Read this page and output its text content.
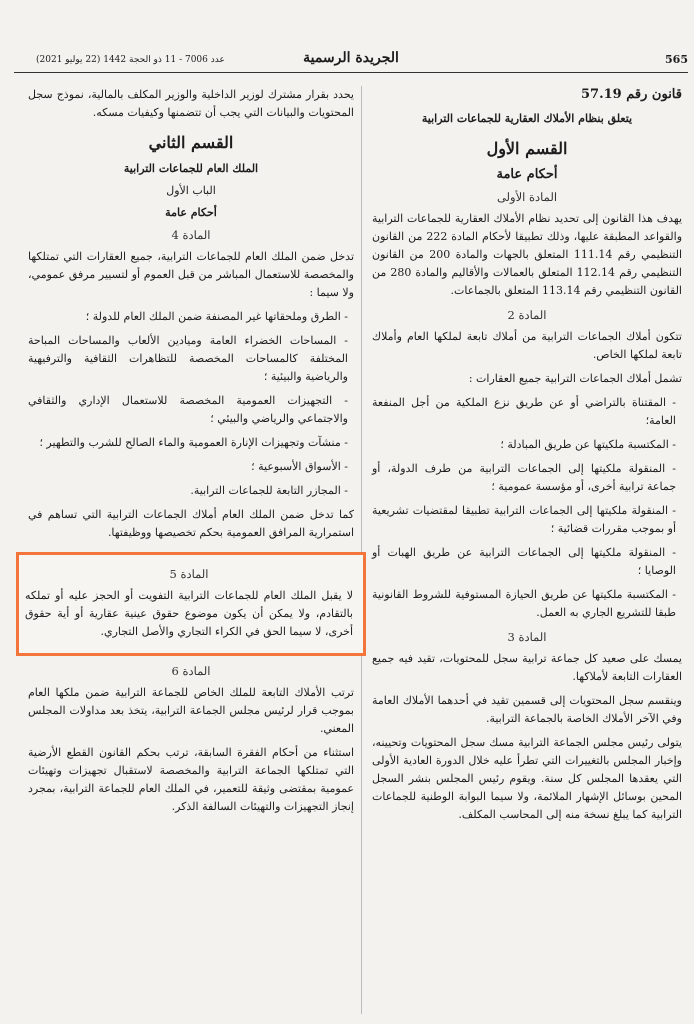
565
الجريدة الرسمية
عدد 7006 - 11 ذو الحجة 1442 (22 يوليو 2021)

قانون رقم 57.19

يتعلق بنظام الأملاك العقارية للجماعات الترابية

القسم الأول

أحكام عامة

المادة الأولى

يهدف هذا القانون إلى تحديد نظام الأملاك العقارية للجماعات الترابية والقواعد المطبقة عليها، وذلك تطبيقا لأحكام المادة 222 من القانون التنظيمي رقم 111.14 المتعلق بالجهات والمادة 200 من القانون التنظيمي رقم 112.14 المتعلق بالعمالات والأقاليم والمادة 280 من القانون التنظيمي رقم 113.14 المتعلق بالجماعات.

المادة 2

تتكون أملاك الجماعات الترابية من أملاك تابعة لملكها العام وأملاك تابعة لملكها الخاص.

تشمل أملاك الجماعات الترابية جميع العقارات :

- المقتناة بالتراضي أو عن طريق نزع الملكية من أجل المنفعة العامة؛

- المكتسبة ملكيتها عن طريق المبادلة ؛

- المنقولة ملكيتها إلى الجماعات الترابية من طرف الدولة، أو جماعة ترابية أخرى، أو مؤسسة عمومية ؛

- المنقولة ملكيتها إلى الجماعات الترابية تطبيقا لمقتضيات تشريعية أو بموجب مقررات قضائية ؛

- المنقولة ملكيتها إلى الجماعات الترابية عن طريق الهبات أو الوصايا ؛

- المكتسبة ملكيتها عن طريق الحيازة المستوفية للشروط القانونية طبقا للتشريع الجاري به العمل.

المادة 3

يمسك على صعيد كل جماعة ترابية سجل للمحتويات، تقيد فيه جميع العقارات التابعة لأملاكها.

وينقسم سجل المحتويات إلى قسمين تقيد في أحدهما الأملاك العامة وفي الآخر الأملاك الخاصة بالجماعة الترابية.

يتولى رئيس مجلس الجماعة الترابية مسك سجل المحتويات وتحيينه، وإخبار المجلس بالتغييرات التي تطرأ عليه خلال الدورة العادية الأولى التي يعقدها المجلس كل سنة. ويقوم رئيس المجلس بنشر السجل المحين بوسائل الإشهار الملائمة، ولا سيما البوابة الوطنية للجماعات الترابية كما يبلغ نسخة منه إلى المحاسب المكلف.

يحدد بقرار مشترك لوزير الداخلية والوزير المكلف بالمالية، نموذج سجل المحتويات والبيانات التي يجب أن تتضمنها وكيفيات مسكه.

القسم الثاني

الملك العام للجماعات الترابية

الباب الأول

أحكام عامة

المادة 4

تدخل ضمن الملك العام للجماعات الترابية، جميع العقارات التي تمتلكها والمخصصة للاستعمال المباشر من قبل العموم أو لتسيير مرفق عمومي، ولا سيما :

- الطرق وملحقاتها غير المصنفة ضمن الملك العام للدولة ؛

- المساحات الخضراء العامة وميادين الألعاب والمساحات المباحة المختلفة كالمساحات المخصصة للتظاهرات الثقافية والترفيهية والرياضية والبيئية ؛

- التجهيزات العمومية المخصصة للاستعمال الإداري والثقافي والاجتماعي والرياضي والبيئي ؛

- منشآت وتجهيزات الإنارة العمومية والماء الصالح للشرب والتطهير ؛

- الأسواق الأسبوعية ؛

- المجازر التابعة للجماعات الترابية.

كما تدخل ضمن الملك العام أملاك الجماعات الترابية التي تساهم في استمرارية المرافق العمومية بحكم تخصيصها ووظيفتها.

المادة 5

لا يقبل الملك العام للجماعات الترابية التفويت أو الحجز عليه أو تملكه بالتقادم، ولا يمكن أن يكون موضوع حقوق عينية عقارية أو أية حقوق أخرى، لا سيما الحق في الكراء التجاري والأصل التجاري.

المادة 6

ترتب الأملاك التابعة للملك الخاص للجماعة الترابية ضمن ملكها العام بموجب قرار لرئيس مجلس الجماعة الترابية، يتخذ بعد مداولات المجلس المعني.

استثناء من أحكام الفقرة السابقة، ترتب بحكم القانون القطع الأرضية التي تمتلكها الجماعة الترابية والمخصصة لاستقبال تجهيزات وتهيئات عمومية بمقتضى وثيقة للتعمير، في الملك العام للجماعة الترابية، بمجرد إنجاز التجهيزات والتهيئات السالفة الذكر.
